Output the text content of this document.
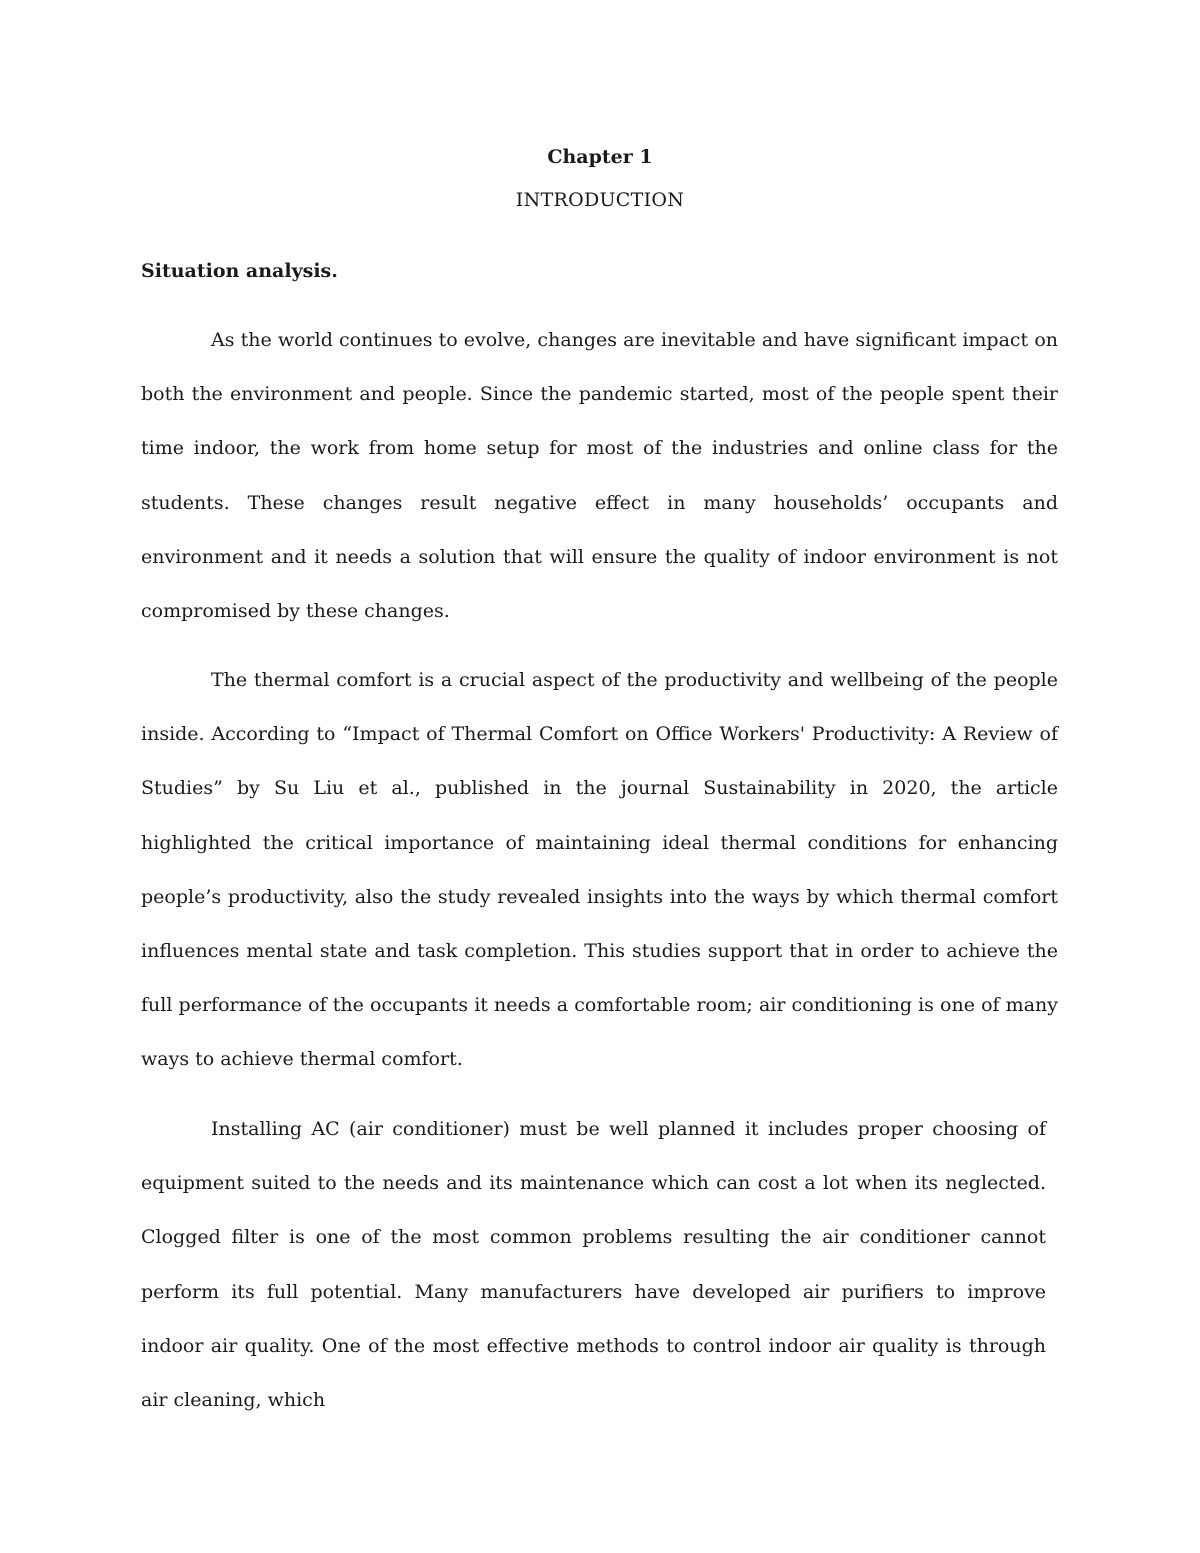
Chapter 1
INTRODUCTION
Situation analysis.

As the world continues to evolve, changes are inevitable and have significant impact on both the environment and people. Since the pandemic started, most of the people spent their time indoor, the work from home setup for most of the industries and online class for the students. These changes result negative effect in many households’ occupants and environment and it needs a solution that will ensure the quality of indoor environment is not compromised by these changes.

The thermal comfort is a crucial aspect of the productivity and wellbeing of the people inside. According to “Impact of Thermal Comfort on Office Workers' Productivity: A Review of Studies” by Su Liu et al., published in the journal Sustainability in 2020, the article highlighted the critical importance of maintaining ideal thermal conditions for enhancing people’s productivity, also the study revealed insights into the ways by which thermal comfort influences mental state and task completion. This studies support that in order to achieve the full performance of the occupants it needs a comfortable room; air conditioning is one of many ways to achieve thermal comfort.

Installing AC (air conditioner) must be well planned it includes proper choosing of equipment suited to the needs and its maintenance which can cost a lot when its neglected. Clogged filter is one of the most common problems resulting the air conditioner cannot perform its full potential. Many manufacturers have developed air purifiers to improve indoor air quality. One of the most effective methods to control indoor air quality is through air cleaning, which
